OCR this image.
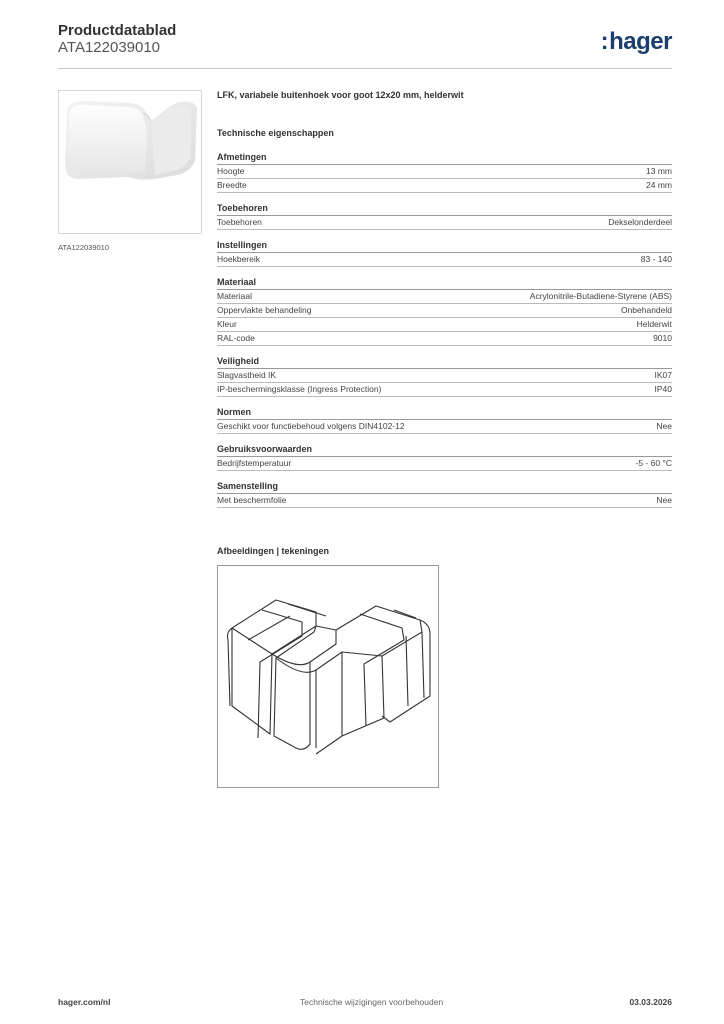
Productdatablad
ATA122039010	:hager
ATA122039010
LFK, variabele buitenhoek voor goot 12x20 mm, helderwit
Technische eigenschappen
Afmetingen
Hoogte	13 mm
Breedte	24 mm
Toebehoren
Toebehoren	Dekselonderdeel
Instellingen
Hoekbereik	83 - 140
Materiaal
Materiaal	Acrylonitrile-Butadiene-Styrene (ABS)
Oppervlakte behandeling	Onbehandeld
Kleur	Helderwit
RAL-code	9010
Veiligheid
Slagvastheid IK	IK07
IP-beschermingsklasse (Ingress Protection)	IP40
Normen
Geschikt voor functiebehoud volgens DIN4102-12	Nee
Gebruiksvoorwaarden
Bedrijfstemperatuur	-5 - 60 °C
Samenstelling
Met beschermfolie	Nee
Afbeeldingen | tekeningen
hager.com/nl	Technische wijzigingen voorbehouden	03.03.2026
